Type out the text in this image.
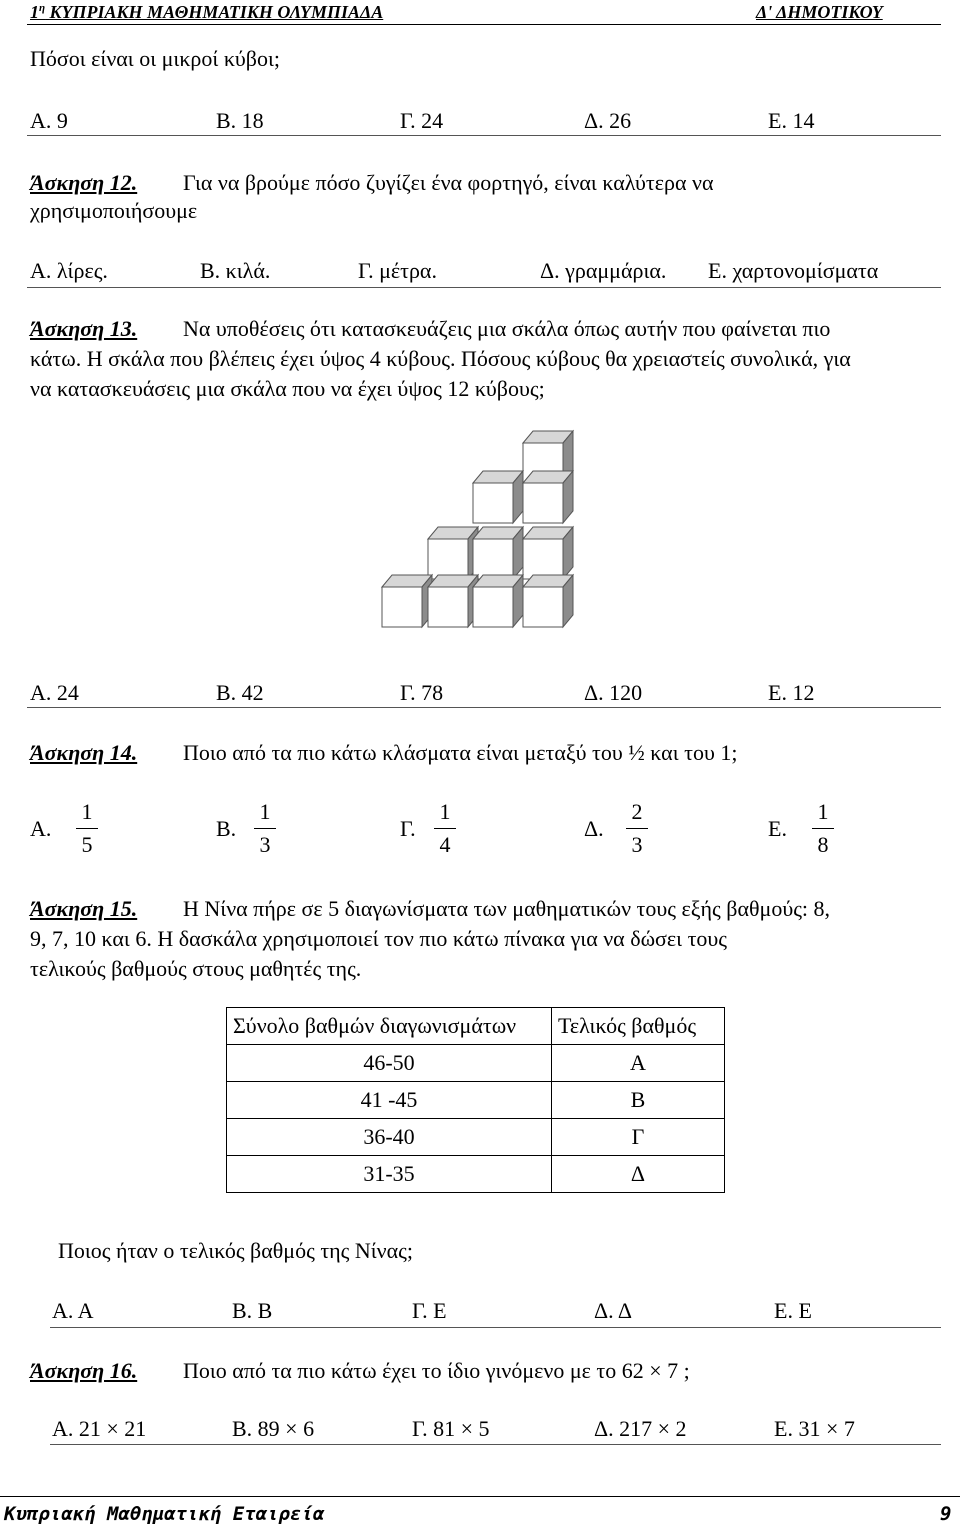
$1^\eta$ ΚΥΠΡΙΑΚΗ ΜΑΘΗΜΑΤΙΚΗ ΟΛΥΜΠΙΑΔΑ	Δ' ΔΗΜΟΤΙΚΟΥ
Πόσοι είναι οι μικροί κύβοι;
Α. 9	Β. 18	Γ. 24	Δ. 26	Ε. 14
Άσκηση 12. Για να βρούμε πόσο ζυγίζει ένα φορτηγό, είναι καλύτερα να
χρησιμοποιήσουμε
Α. λίρες.	Β. κιλά.	Γ. μέτρα.	Δ. γραμμάρια. Ε. χαρτονομίσματα
Άσκηση 13. Να υποθέσεις ότι κατασκευάζεις μια σκάλα όπως αυτήν που φαίνεται πιο
κάτω. Η σκάλα που βλέπεις έχει ύψος 4 κύβους. Πόσους κύβους θα χρειαστείς συνολικά, για
να κατασκευάσεις μια σκάλα που να έχει ύψος 12 κύβους;
Α. 24	Β. 42	Γ. 78	Δ. 120	Ε. 12
Άσκηση 14. Ποιο από τα πιο κάτω κλάσματα είναι μεταξύ του ½ και του 1;
Α.
1
5
Β.
1
3
Γ.
1
4
Δ.
2
3
Ε.
1
8
Άσκηση 15. Η Νίνα πήρε σε 5 διαγωνίσματα των μαθηματικών τους εξής βαθμούς: 8,
9, 7, 10 και 6. Η δασκάλα χρησιμοποιεί τον πιο κάτω πίνακα για να δώσει τους
τελικούς βαθμούς στους μαθητές της.
Σύνολο βαθμών διαγωνισμάτων	Τελικός βαθμός
46-50	Α
41 -45	Β
36-40	Γ
31-35	Δ
Ποιος ήταν ο τελικός βαθμός της Νίνας;
Α. Α	Β. Β	Γ. Ε	Δ. Δ	Ε. Ε
Άσκηση 16. Ποιο από τα πιο κάτω έχει το ίδιο γινόμενο με το 62 × 7 ;
Α. 21 × 21	Β. 89 × 6	Γ. 81 × 5	Δ. 217 × 2	Ε. 31 × 7
Κυπριακή Μαθηματική Εταιρεία	9
